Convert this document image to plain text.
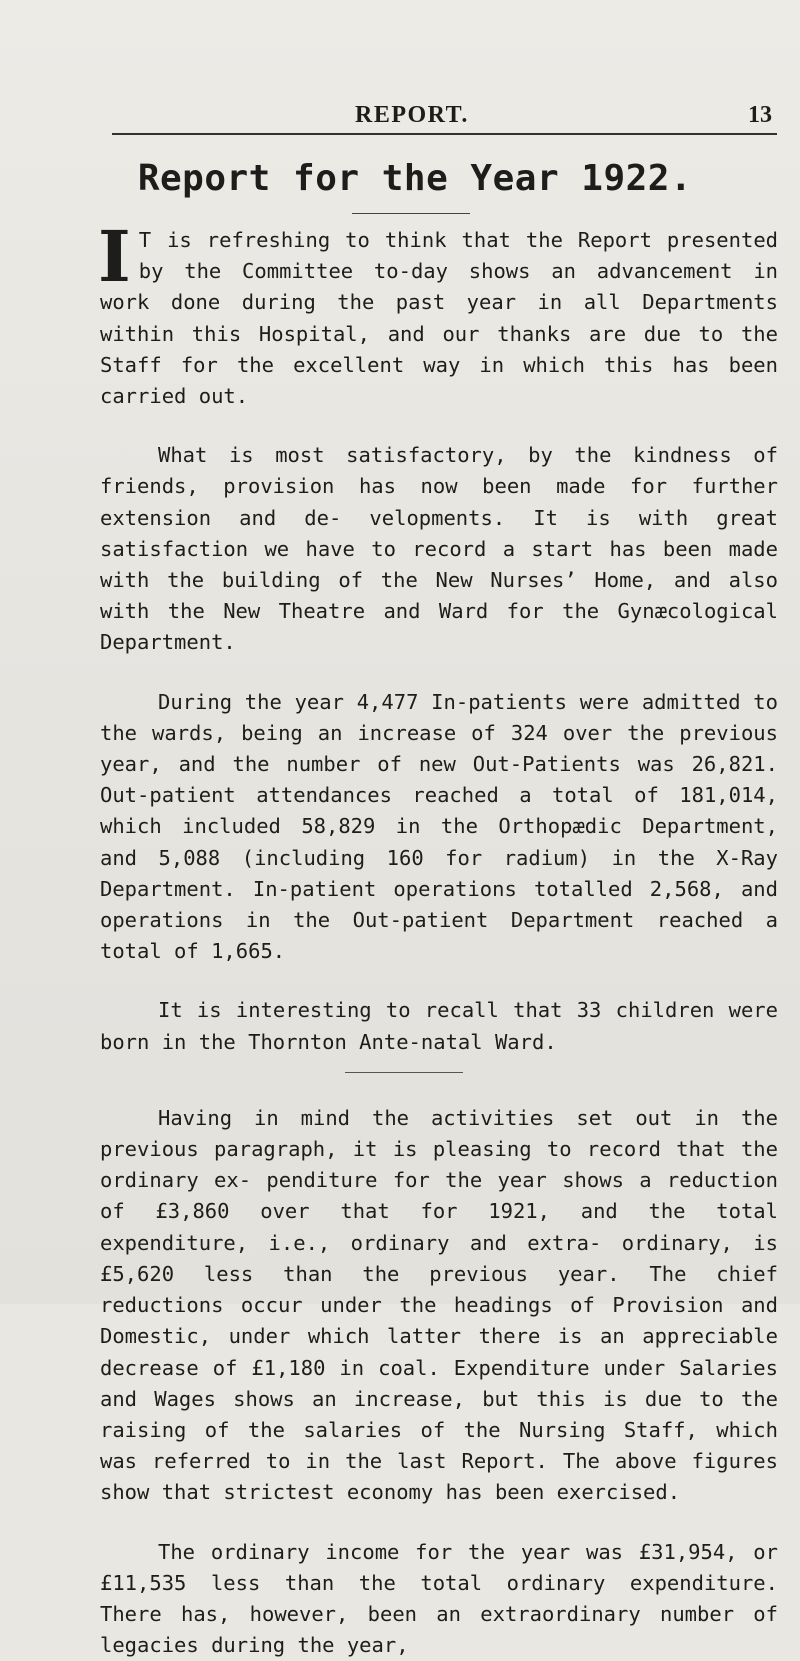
REPORT.	13
Report for the Year 1922.

I T is refreshing to think that the Report presented by the Committee to-day shows an advancement in work done during the past year in all Departments within this Hospital, and our thanks are due to the Staff for the excellent way in which this has been carried out.

What is most satisfactory, by the kindness of friends, provision has now been made for further extension and de- velopments. It is with great satisfaction we have to record a start has been made with the building of the New Nurses’ Home, and also with the New Theatre and Ward for the Gynæcological Department.

During the year 4,477 In-patients were admitted to the wards, being an increase of 324 over the previous year, and the number of new Out-Patients was 26,821. Out-patient attendances reached a total of 181,014, which included 58,829 in the Orthopædic Department, and 5,088 (including 160 for radium) in the X-Ray Department. In-patient operations totalled 2,568, and operations in the Out-patient Department reached a total of 1,665.

It is interesting to recall that 33 children were born in the Thornton Ante-natal Ward.

Having in mind the activities set out in the previous paragraph, it is pleasing to record that the ordinary ex- penditure for the year shows a reduction of £3,860 over that for 1921, and the total expenditure, i.e., ordinary and extra- ordinary, is £5,620 less than the previous year. The chief reductions occur under the headings of Provision and Domestic, under which latter there is an appreciable decrease of £1,180 in coal. Expenditure under Salaries and Wages shows an increase, but this is due to the raising of the salaries of the Nursing Staff, which was referred to in the last Report. The above figures show that strictest economy has been exercised.

The ordinary income for the year was £31,954, or £11,535 less than the total ordinary expenditure. There has, however, been an extraordinary number of legacies during the year,
